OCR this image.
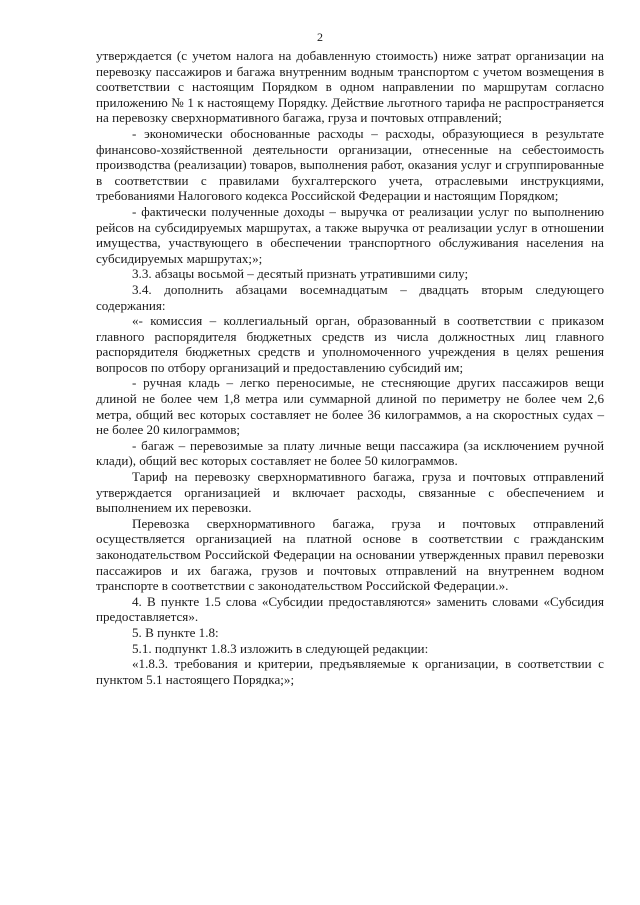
2

утверждается (с учетом налога на добавленную стоимость) ниже затрат организации на перевозку пассажиров и багажа внутренним водным транспортом с учетом возмещения в соответствии с настоящим Порядком в одном направлении по маршрутам согласно приложению № 1 к настоящему Порядку. Действие льготного тарифа не распространяется на перевозку сверхнормативного багажа, груза и почтовых отправлений;

- экономически обоснованные расходы – расходы, образующиеся в результате финансово-хозяйственной деятельности организации, отнесенные на себестоимость производства (реализации) товаров, выполнения работ, оказания услуг и сгруппированные в соответствии с правилами бухгалтерского учета, отраслевыми инструкциями, требованиями Налогового кодекса Российской Федерации и настоящим Порядком;

- фактически полученные доходы – выручка от реализации услуг по выполнению рейсов на субсидируемых маршрутах, а также выручка от реализации услуг в отношении имущества, участвующего в обеспечении транспортного обслуживания населения на субсидируемых маршрутах;»;

3.3. абзацы восьмой – десятый признать утратившими силу;

3.4. дополнить абзацами восемнадцатым – двадцать вторым следующего содержания:

«- комиссия – коллегиальный орган, образованный в соответствии с приказом главного распорядителя бюджетных средств из числа должностных лиц главного распорядителя бюджетных средств и уполномоченного учреждения в целях решения вопросов по отбору организаций и предоставлению субсидий им;

- ручная кладь – легко переносимые, не стесняющие других пассажиров вещи длиной не более чем 1,8 метра или суммарной длиной по периметру не более чем 2,6 метра, общий вес которых составляет не более 36 килограммов, а на скоростных судах – не более 20 килограммов;

- багаж – перевозимые за плату личные вещи пассажира (за исключением ручной клади), общий вес которых составляет не более 50 килограммов.

Тариф на перевозку сверхнормативного багажа, груза и почтовых отправлений утверждается организацией и включает расходы, связанные с обеспечением и выполнением их перевозки.

Перевозка сверхнормативного багажа, груза и почтовых отправлений осуществляется организацией на платной основе в соответствии с гражданским законодательством Российской Федерации на основании утвержденных правил перевозки пассажиров и их багажа, грузов и почтовых отправлений на внутреннем водном транспорте в соответствии с законодательством Российской Федерации.».

4. В пункте 1.5 слова «Субсидии предоставляются» заменить словами «Субсидия предоставляется».

5. В пункте 1.8:

5.1. подпункт 1.8.3 изложить в следующей редакции:

«1.8.3. требования и критерии, предъявляемые к организации, в соответствии с пунктом 5.1 настоящего Порядка;»;
